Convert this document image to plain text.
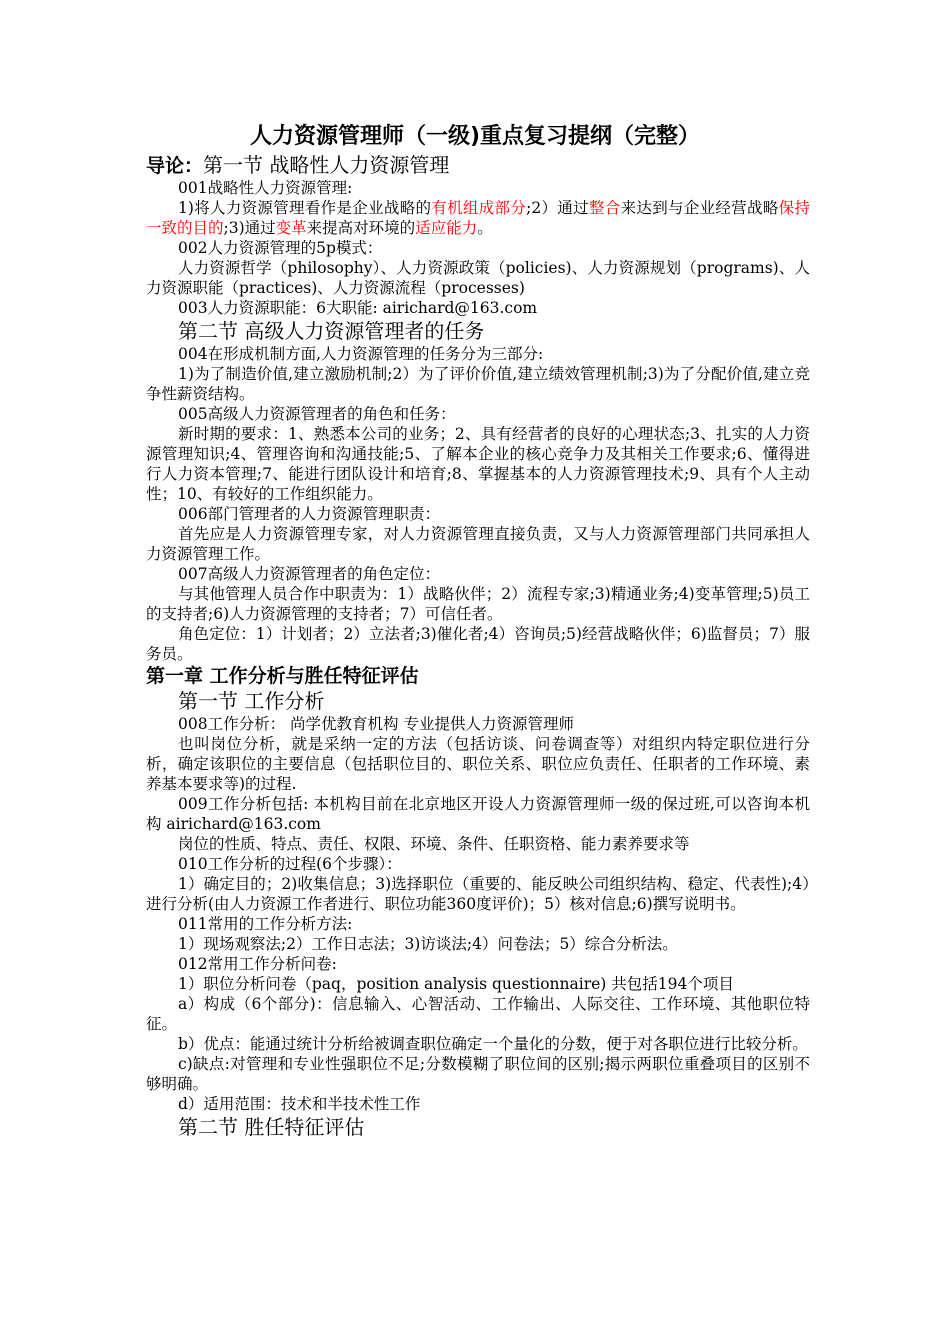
人力资源管理师（一级)重点复习提纲（完整）

导论：第一节 战略性人力资源管理

001战略性人力资源管理:

1)将人力资源管理看作是企业战略的有机组成部分;2）通过整合来达到与企业经营战略保持一致的目的;3)通过变革来提高对环境的适应能力。

002人力资源管理的5p模式：

人力资源哲学（philosophy）、人力资源政策（policies)、人力资源规划（programs)、人力资源职能（practices)、人力资源流程（processes)

003人力资源职能：6大职能: airichard@163.com

第二节 高级人力资源管理者的任务

004在形成机制方面,人力资源管理的任务分为三部分:

1)为了制造价值,建立激励机制;2）为了评价价值,建立绩效管理机制;3)为了分配价值,建立竞争性薪资结构。

005高级人力资源管理者的角色和任务：

新时期的要求：1、熟悉本公司的业务；2、具有经营者的良好的心理状态;3、扎实的人力资源管理知识;4、管理咨询和沟通技能;5、了解本企业的核心竞争力及其相关工作要求;6、懂得进行人力资本管理;7、能进行团队设计和培育;8、掌握基本的人力资源管理技术;9、具有个人主动性；10、有较好的工作组织能力。

006部门管理者的人力资源管理职责：

首先应是人力资源管理专家，对人力资源管理直接负责，又与人力资源管理部门共同承担人力资源管理工作。

007高级人力资源管理者的角色定位：

与其他管理人员合作中职责为：1）战略伙伴；2）流程专家;3)精通业务;4)变革管理;5)员工的支持者;6)人力资源管理的支持者；7）可信任者。

角色定位：1）计划者；2）立法者;3)催化者;4）咨询员;5)经营战略伙伴；6)监督员；7）服务员。

第一章 工作分析与胜任特征评估

第一节 工作分析

008工作分析： 尚学优教育机构 专业提供人力资源管理师

也叫岗位分析，就是采纳一定的方法（包括访谈、问卷调查等）对组织内特定职位进行分析，确定该职位的主要信息（包括职位目的、职位关系、职位应负责任、任职者的工作环境、素养基本要求等)的过程.

009工作分析包括: 本机构目前在北京地区开设人力资源管理师一级的保过班,可以咨询本机构 airichard@163.com

岗位的性质、特点、责任、权限、环境、条件、任职资格、能力素养要求等

010工作分析的过程(6个步骤）：

1）确定目的；2)收集信息；3)选择职位（重要的、能反映公司组织结构、稳定、代表性);4）进行分析(由人力资源工作者进行、职位功能360度评价)；5）核对信息;6)撰写说明书。

011常用的工作分析方法:

1）现场观察法;2）工作日志法；3)访谈法;4）问卷法；5）综合分析法。

012常用工作分析问卷:

1）职位分析问卷（paq，position analysis questionnaire) 共包括194个项目

a）构成（6个部分)：信息输入、心智活动、工作输出、人际交往、工作环境、其他职位特征。

b）优点：能通过统计分析给被调查职位确定一个量化的分数，便于对各职位进行比较分析。

c)缺点:对管理和专业性强职位不足;分数模糊了职位间的区别;揭示两职位重叠项目的区别不够明确。

d）适用范围：技术和半技术性工作

第二节 胜任特征评估
